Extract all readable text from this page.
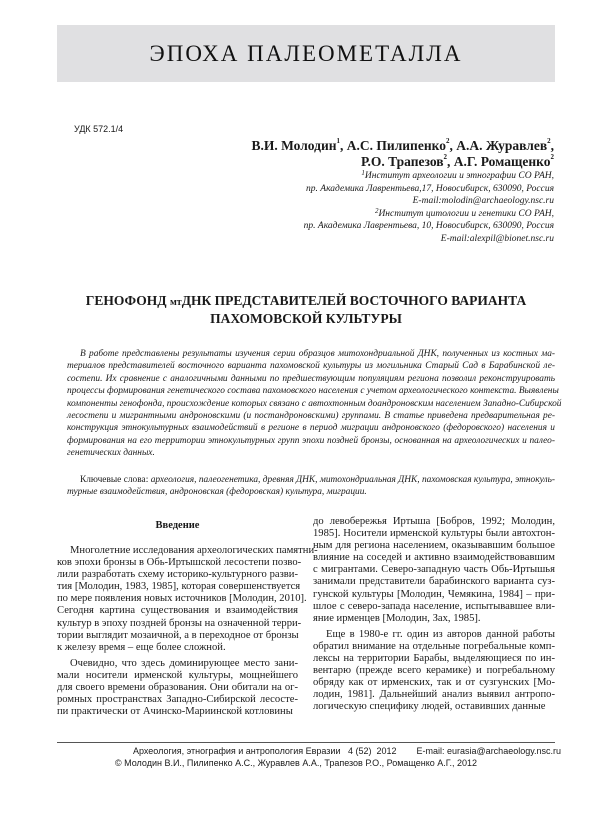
ЭПОХА ПАЛЕОМЕТАЛЛА
УДК 572.1/4
В.И. Молодин$^1$, А.С. Пилипенко$^2$, А.А. Журавлев$^2$,
Р.О. Трапезов$^2$, А.Г. Ромащенко$^2$
$^1$Институт археологии и этнографии СО РАН,
пр. Академика Лаврентьева,17, Новосибирск, 630090, Россия
E-mail:molodin@archaeology.nsc.ru
$^2$Институт цитологии и генетики СО РАН,
пр. Академика Лаврентьева, 10, Новосибирск, 630090, Россия
E-mail:alexpil@bionet.nsc.ru
ГЕНОФОНД мтДНК ПРЕДСТАВИТЕЛЕЙ ВОСТОЧНОГО ВАРИАНТА
ПАХОМОВСКОЙ КУЛЬТУРЫ
В работе представлены результаты изучения серии образцов митохондриальной ДНК, полученных из костных ма-
териалов представителей восточного варианта пахомовской культуры из могильника Старый Сад в Барабинской ле-
состепи. Их сравнение с аналогичными данными по предшествующим популяциям региона позволил реконструировать
процессы формирования генетического состава пахомовского населения с учетом археологического контекста. Выявлены
компоненты генофонда, происхождение которых связано с автохтонным доандроновским населением Западно-Сибирской
лесостепи и мигрантными андроновскими (и постандроновскими) группами. В статье приведена предварительная ре-
конструкция этнокультурных взаимодействий в регионе в период миграции андроновского (федоровского) населения и
формирования на его территории этнокультурных групп эпохи поздней бронзы, основанная на археологических и палео-
генетических данных.
Ключевые слова: археология, палеогенетика, древняя ДНК, митохондриальная ДНК, пахомовская культура, этнокуль-
турные взаимодействия, андроновская (федоровская) культура, миграции.
Введение
Многолетние исследования археологических памятни-
ков эпохи бронзы в Обь-Иртышской лесостепи позво-
лили разработать схему историко-культурного разви-
тия [Молодин, 1983, 1985], которая совершенствуется
по мере появления новых источников [Молодин, 2010].
Сегодня картина существования и взаимодействия
культур в эпоху поздней бронзы на означенной терри-
тории выглядит мозаичной, а в переходное от бронзы
к железу время – еще более сложной.
Очевидно, что здесь доминирующее место зани-
мали носители ирменской культуры, мощнейшего
для своего времени образования. Они обитали на ог-
ромных пространствах Западно-Сибирской лесосте-
пи практически от Ачинско-Мариинской котловины
до левобережья Иртыша [Бобров, 1992; Молодин,
1985]. Носители ирменской культуры были автохтон-
ным для региона населением, оказывавшим большое
влияние на соседей и активно взаимодействовавшим
с мигрантами. Северо-западную часть Обь-Иртышья
занимали представители барабинского варианта суз-
гунской культуры [Молодин, Чемякина, 1984] – при-
шлое с северо-запада население, испытывавшее вли-
яние ирменцев [Молодин, Зах, 1985].
Еще в 1980-е гг. один из авторов данной работы
обратил внимание на отдельные погребальные комп-
лексы на территории Барабы, выделяющиеся по ин-
вентарю (прежде всего керамике) и погребальному
обряду как от ирменских, так и от сузгунских [Мо-
лодин, 1981]. Дальнейший анализ выявил антропо-
логическую специфику людей, оставивших данные
Археология, этнография и антропология Евразии   4 (52)  2012        E-mail: eurasia@archaeology.nsc.ru
© Молодин В.И., Пилипенко А.С., Журавлев А.А., Трапезов Р.О., Ромащенко А.Г., 2012
